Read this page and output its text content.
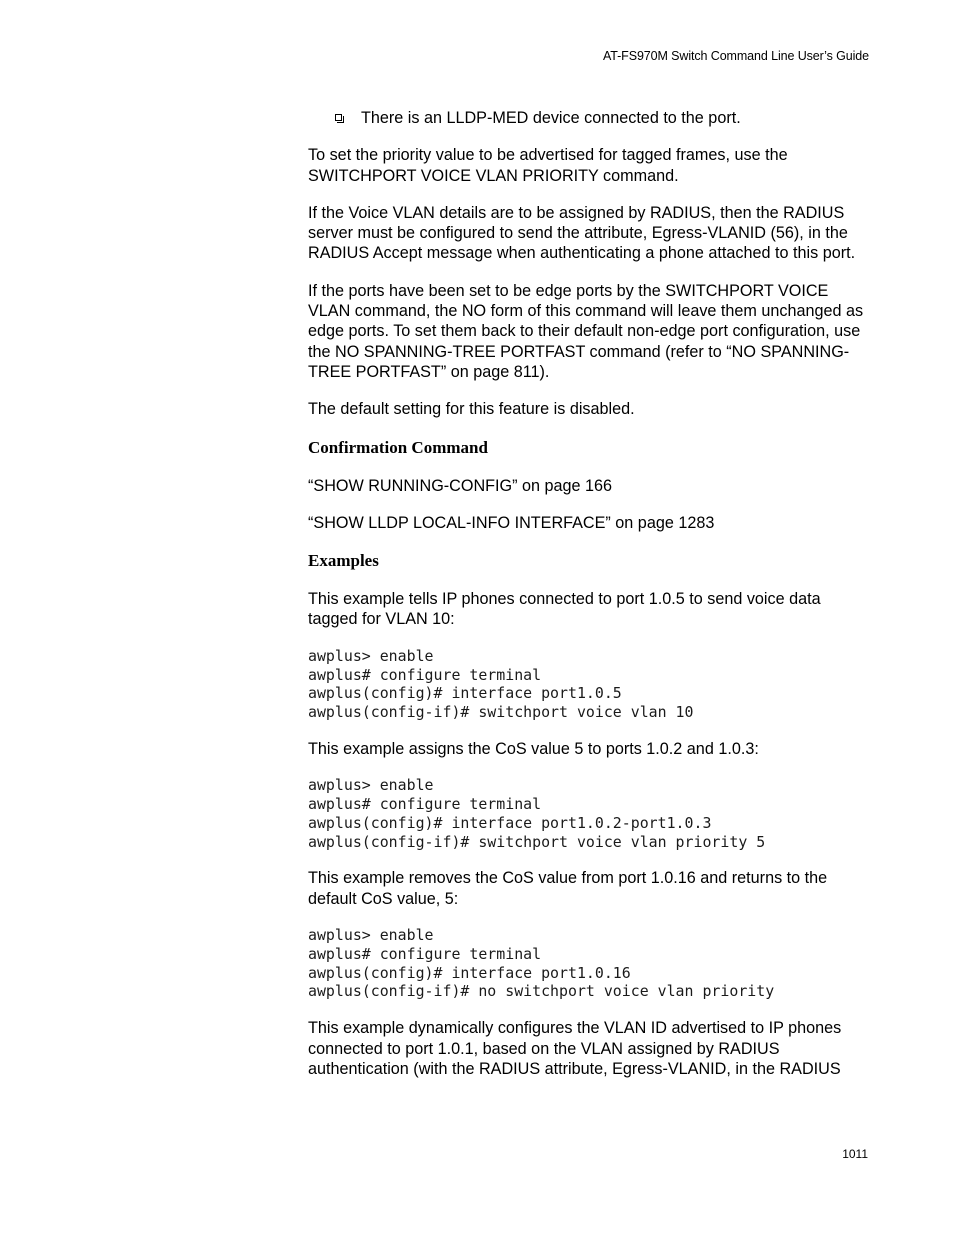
AT-FS970M Switch Command Line User’s Guide

There is an LLDP-MED device connected to the port.

To set the priority value to be advertised for tagged frames, use the SWITCHPORT VOICE VLAN PRIORITY command.

If the Voice VLAN details are to be assigned by RADIUS, then the RADIUS server must be configured to send the attribute, Egress-VLANID (56), in the RADIUS Accept message when authenticating a phone attached to this port.

If the ports have been set to be edge ports by the SWITCHPORT VOICE VLAN command, the NO form of this command will leave them unchanged as edge ports. To set them back to their default non-edge port configuration, use the NO SPANNING-TREE PORTFAST command (refer to “NO SPANNING-TREE PORTFAST” on page 811).

The default setting for this feature is disabled.

Confirmation Command

“SHOW RUNNING-CONFIG” on page 166

“SHOW LLDP LOCAL-INFO INTERFACE” on page 1283

Examples

This example tells IP phones connected to port 1.0.5 to send voice data tagged for VLAN 10:

awplus> enable
awplus# configure terminal
awplus(config)# interface port1.0.5
awplus(config-if)# switchport voice vlan 10

This example assigns the CoS value 5 to ports 1.0.2 and 1.0.3:

awplus> enable
awplus# configure terminal
awplus(config)# interface port1.0.2-port1.0.3
awplus(config-if)# switchport voice vlan priority 5

This example removes the CoS value from port 1.0.16 and returns to the default CoS value, 5:

awplus> enable
awplus# configure terminal
awplus(config)# interface port1.0.16
awplus(config-if)# no switchport voice vlan priority

This example dynamically configures the VLAN ID advertised to IP phones connected to port 1.0.1, based on the VLAN assigned by RADIUS authentication (with the RADIUS attribute, Egress-VLANID, in the RADIUS

1011
